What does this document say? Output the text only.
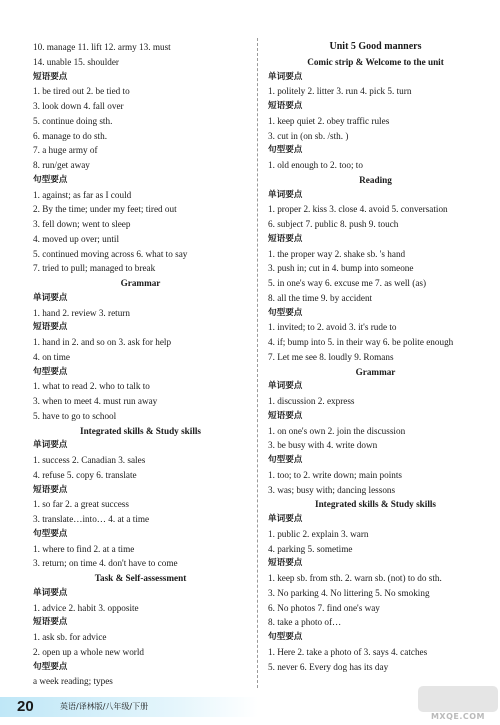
10. manage 11. lift 12. army 13. must
14. unable 15. shoulder
短语要点
1. be tired out 2. be tied to
3. look down 4. fall over
5. continue doing sth.
6. manage to do sth.
7. a huge army of
8. run/get away
句型要点
1. against; as far as I could
2. By the time; under my feet; tired out
3. fell down; went to sleep
4. moved up over; until
5. continued moving across 6. what to say
7. tried to pull; managed to break
Grammar
单词要点
1. hand 2. review 3. return
短语要点
1. hand in 2. and so on 3. ask for help
4. on time
句型要点
1. what to read 2. who to talk to
3. when to meet 4. must run away
5. have to go to school
Integrated skills & Study skills
单词要点
1. success 2. Canadian 3. sales
4. refuse 5. copy 6. translate
短语要点
1. so far 2. a great success
3. translate…into… 4. at a time
句型要点
1. where to find 2. at a time
3. return; on time 4. don't have to come
Task & Self-assessment
单词要点
1. advice 2. habit 3. opposite
短语要点
1. ask sb. for advice
2. open up a whole new world
句型要点
a week reading; types
Unit 5 Good manners
Comic strip & Welcome to the unit
单词要点
1. politely 2. litter 3. run 4. pick 5. turn
短语要点
1. keep quiet 2. obey traffic rules
3. cut in (on sb. /sth. )
句型要点
1. old enough to 2. too; to
Reading
单词要点
1. proper 2. kiss 3. close 4. avoid 5. conversation
6. subject 7. public 8. push 9. touch
短语要点
1. the proper way 2. shake sb. 's hand
3. push in; cut in 4. bump into someone
5. in one's way 6. excuse me 7. as well (as)
8. all the time 9. by accident
句型要点
1. invited; to 2. avoid 3. it's rude to
4. if; bump into 5. in their way 6. be polite enough
7. Let me see 8. loudly 9. Romans
Grammar
单词要点
1. discussion 2. express
短语要点
1. on one's own 2. join the discussion
3. be busy with 4. write down
句型要点
1. too; to 2. write down; main points
3. was; busy with; dancing lessons
Integrated skills & Study skills
单词要点
1. public 2. explain 3. warn
4. parking 5. sometime
短语要点
1. keep sb. from sth. 2. warn sb. (not) to do sth.
3. No parking 4. No littering 5. No smoking
6. No photos 7. find one's way
8. take a photo of…
句型要点
1. Here 2. take a photo of 3. says 4. catches
5. never 6. Every dog has its day
20	英语/译林版/八年级/下册
MXQE.COM
